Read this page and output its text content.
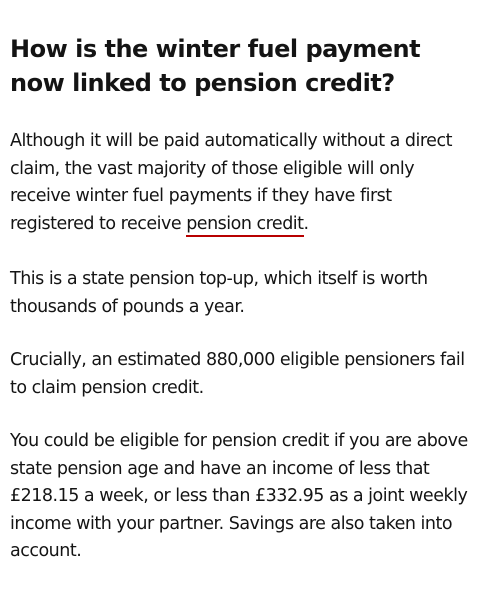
How is the winter fuel payment now linked to pension credit?

Although it will be paid automatically without a direct claim, the vast majority of those eligible will only receive winter fuel payments if they have first registered to receive pension credit.

This is a state pension top-up, which itself is worth thousands of pounds a year.

Crucially, an estimated 880,000 eligible pensioners fail to claim pension credit.

You could be eligible for pension credit if you are above state pension age and have an income of less that £218.15 a week, or less than £332.95 as a joint weekly income with your partner. Savings are also taken into account.
